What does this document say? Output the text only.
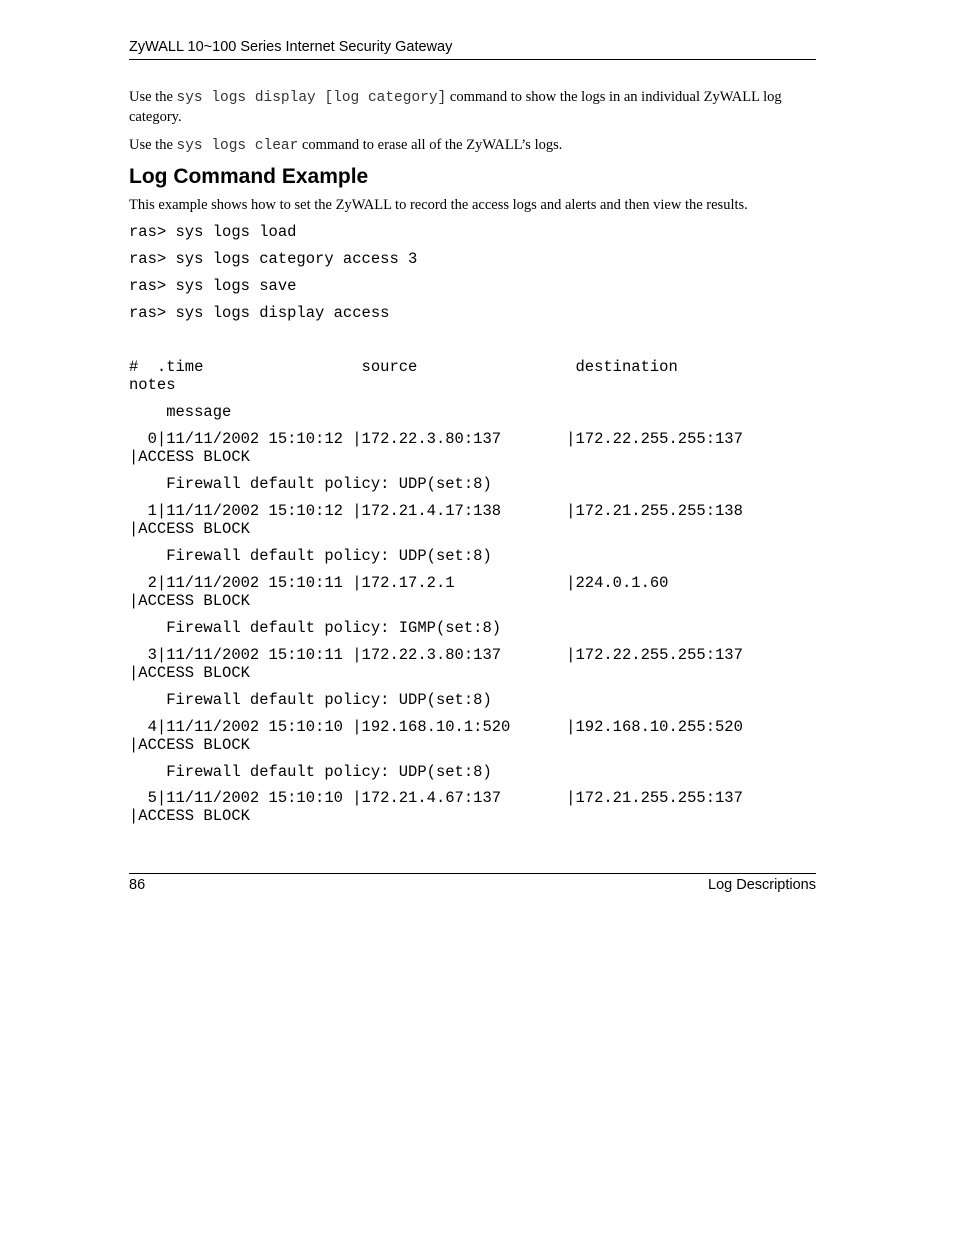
ZyWALL 10~100 Series Internet Security Gateway

Use the sys logs display [log category] command to show the logs in an individual ZyWALL log category.

Use the sys logs clear command to erase all of the ZyWALL’s logs.

Log Command Example

This example shows how to set the ZyWALL to record the access logs and alerts and then view the results.

ras> sys logs load
ras> sys logs category access 3
ras> sys logs save
ras> sys logs display access
#  .time                 source                 destination
notes
message
0|11/11/2002 15:10:12 |172.22.3.80:137       |172.22.255.255:137
|ACCESS BLOCK
Firewall default policy: UDP(set:8)
1|11/11/2002 15:10:12 |172.21.4.17:138       |172.21.255.255:138
|ACCESS BLOCK
Firewall default policy: UDP(set:8)
2|11/11/2002 15:10:11 |172.17.2.1            |224.0.1.60
|ACCESS BLOCK
Firewall default policy: IGMP(set:8)
3|11/11/2002 15:10:11 |172.22.3.80:137       |172.22.255.255:137
|ACCESS BLOCK
Firewall default policy: UDP(set:8)
4|11/11/2002 15:10:10 |192.168.10.1:520      |192.168.10.255:520
|ACCESS BLOCK
Firewall default policy: UDP(set:8)
5|11/11/2002 15:10:10 |172.21.4.67:137       |172.21.255.255:137
|ACCESS BLOCK
86	Log Descriptions
